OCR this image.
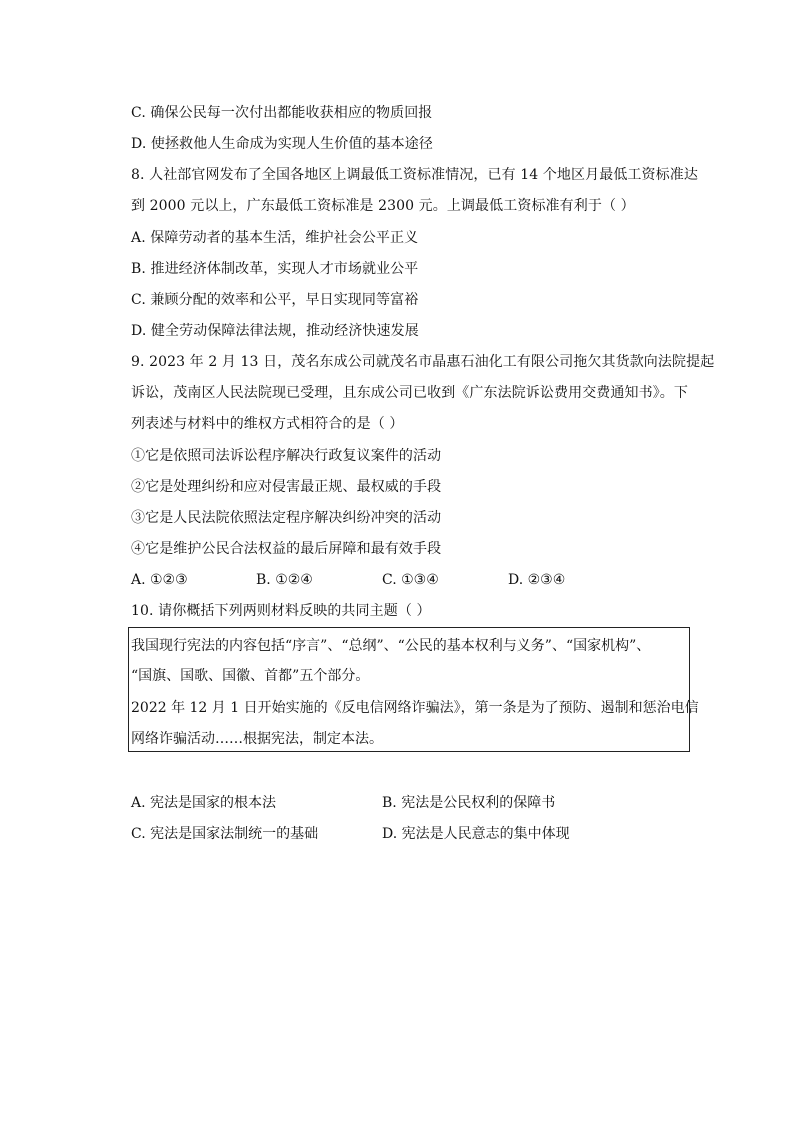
C. 确保公民每一次付出都能收获相应的物质回报
D. 使拯救他人生命成为实现人生价值的基本途径
8. 人社部官网发布了全国各地区上调最低工资标准情况，已有 14 个地区月最低工资标准达
到 2000 元以上，广东最低工资标准是 2300 元。上调最低工资标准有利于（ ）
A. 保障劳动者的基本生活，维护社会公平正义
B. 推进经济体制改革，实现人才市场就业公平
C. 兼顾分配的效率和公平，早日实现同等富裕
D. 健全劳动保障法律法规，推动经济快速发展
9. 2023 年 2 月 13 日，茂名东成公司就茂名市晶惠石油化工有限公司拖欠其货款向法院提起
诉讼，茂南区人民法院现已受理，且东成公司已收到《广东法院诉讼费用交费通知书》。下
列表述与材料中的维权方式相符合的是（ ）
①它是依照司法诉讼程序解决行政复议案件的活动
②它是处理纠纷和应对侵害最正规、最权威的手段
③它是人民法院依照法定程序解决纠纷冲突的活动
④它是维护公民合法权益的最后屏障和最有效手段
A. ①②③	B. ①②④	C. ①③④	D. ②③④
10. 请你概括下列两则材料反映的共同主题（ ）
我国现行宪法的内容包括“序言”、“总纲”、“公民的基本权利与义务”、“国家机构”、
“国旗、国歌、国徽、首都”五个部分。
2022 年 12 月 1 日开始实施的《反电信网络诈骗法》，第一条是为了预防、遏制和惩治电信
网络诈骗活动……根据宪法，制定本法。
A. 宪法是国家的根本法	B. 宪法是公民权利的保障书
C. 宪法是国家法制统一的基础	D. 宪法是人民意志的集中体现
